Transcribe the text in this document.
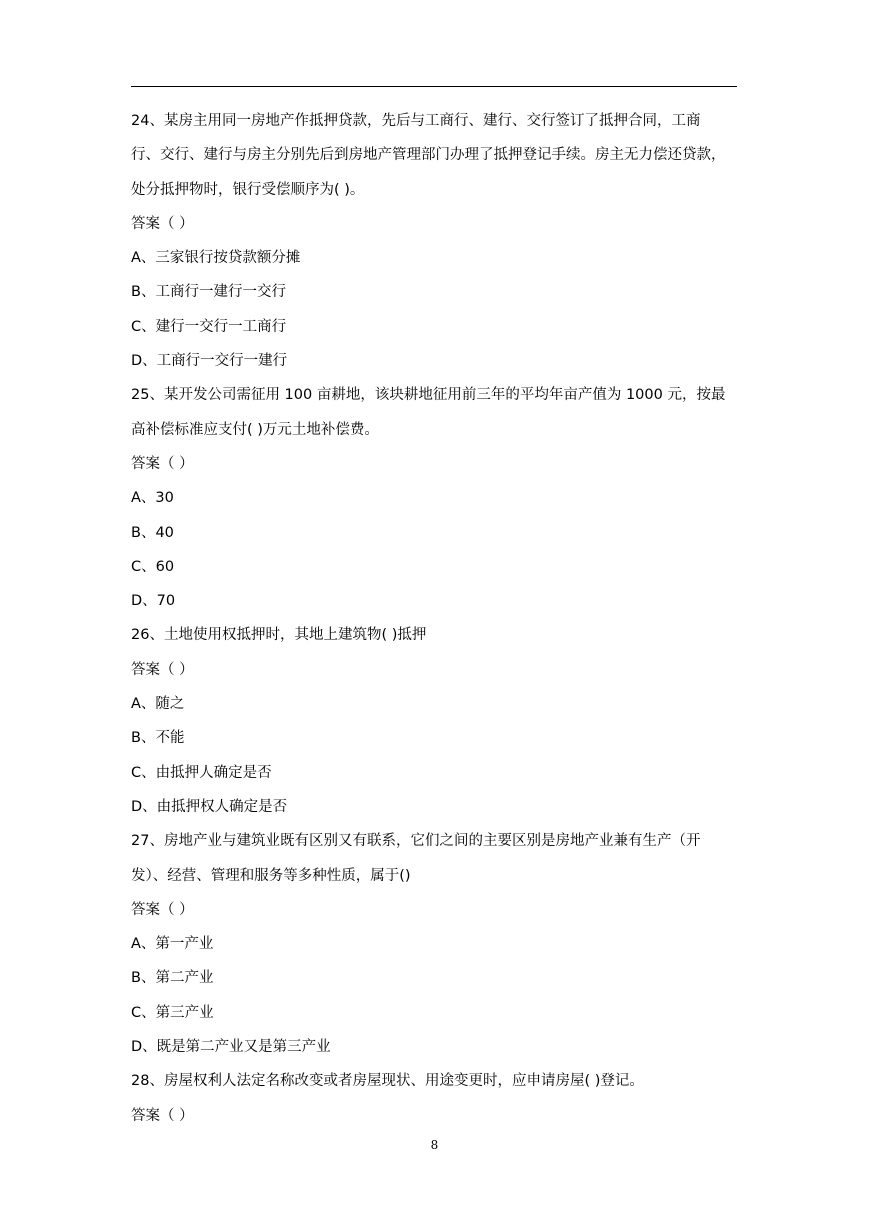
24、某房主用同一房地产作抵押贷款，先后与工商行、建行、交行签订了抵押合同，工商
行、交行、建行与房主分别先后到房地产管理部门办理了抵押登记手续。房主无力偿还贷款，
处分抵押物时，银行受偿顺序为( )。
答案（ ）
A、三家银行按贷款额分摊
B、工商行一建行一交行
C、建行一交行一工商行
D、工商行一交行一建行
25、某开发公司需征用 100 亩耕地，该块耕地征用前三年的平均年亩产值为 1000 元，按最
高补偿标准应支付( )万元土地补偿费。
答案（ ）
A、30
B、40
C、60
D、70
26、土地使用权抵押时，其地上建筑物( )抵押
答案（ ）
A、随之
B、不能
C、由抵押人确定是否
D、由抵押权人确定是否
27、房地产业与建筑业既有区别又有联系，它们之间的主要区别是房地产业兼有生产（开
发）、经营、管理和服务等多种性质，属于()
答案（ ）
A、第一产业
B、第二产业
C、第三产业
D、既是第二产业又是第三产业
28、房屋权利人法定名称改变或者房屋现状、用途变更时，应申请房屋( )登记。
答案（ ）
8
